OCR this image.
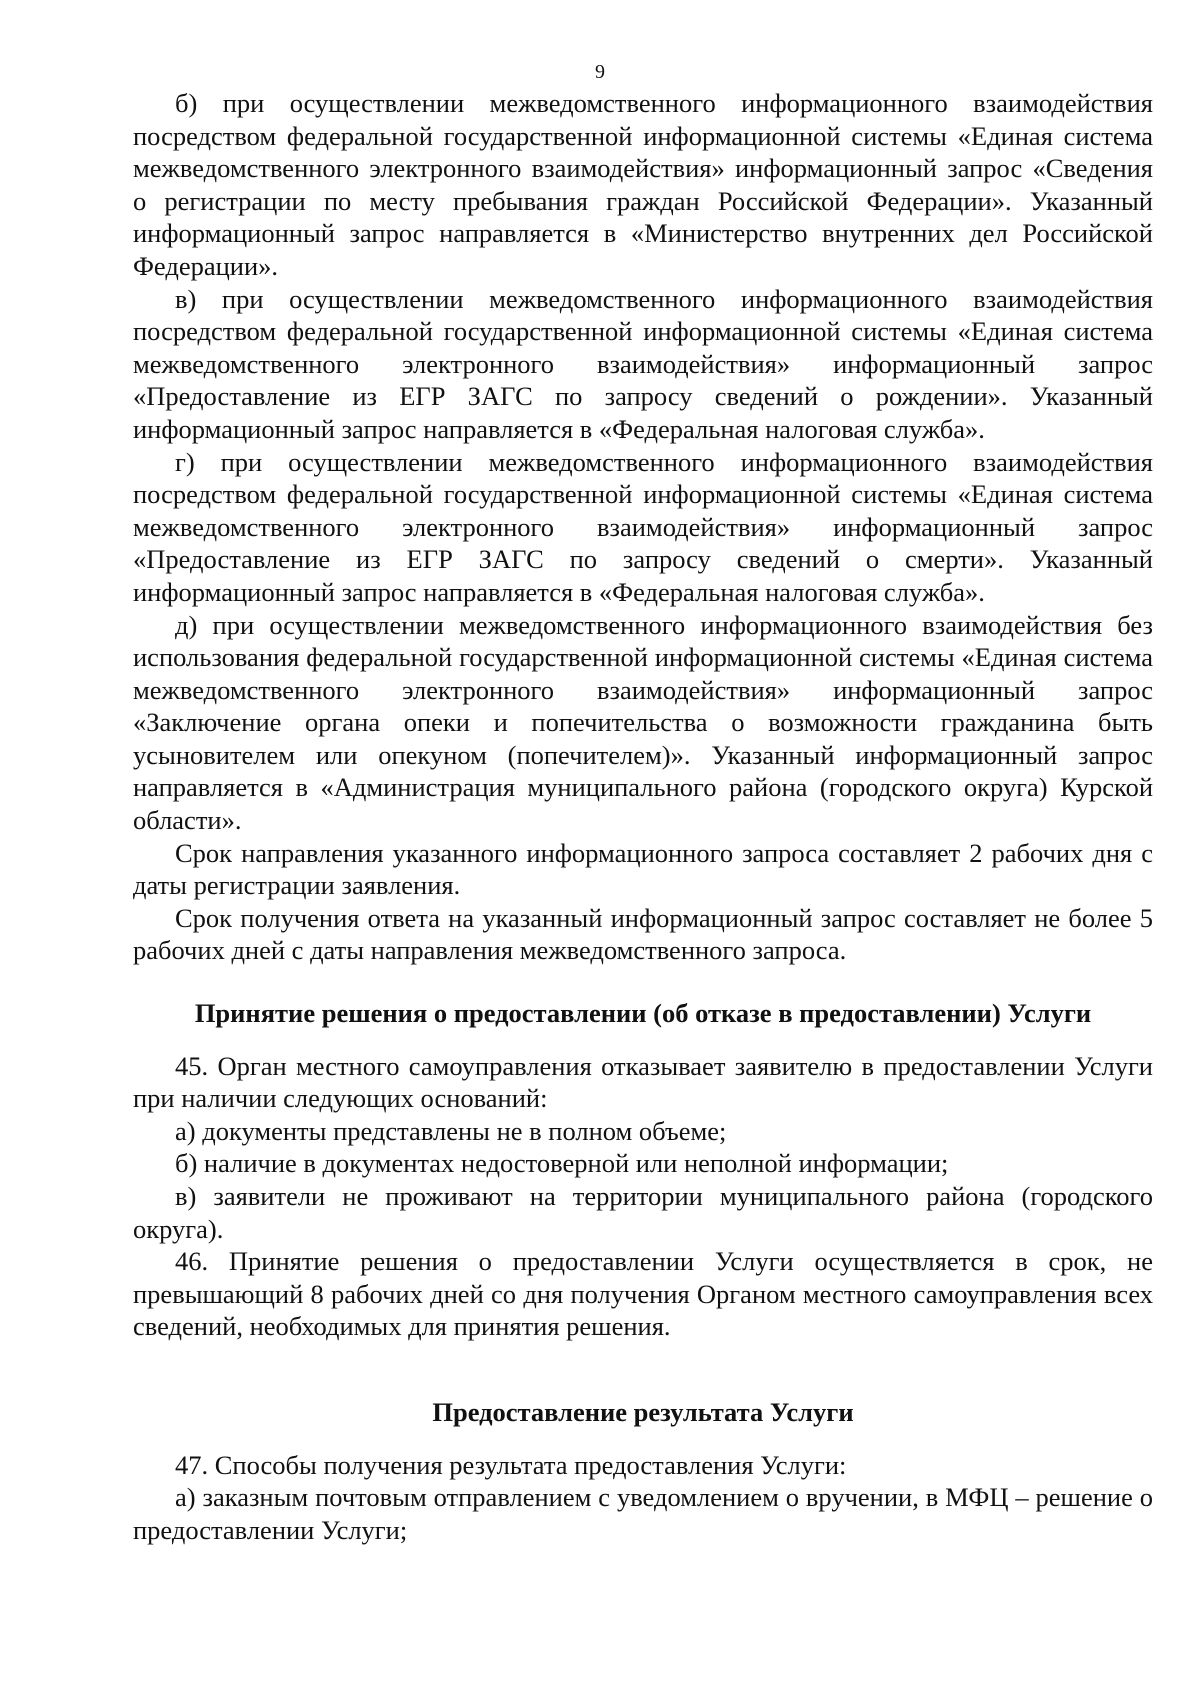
9

б) при осуществлении межведомственного информационного взаимодействия посредством федеральной государственной информационной системы «Единая система межведомственного электронного взаимодействия» информационный запрос «Сведения о регистрации по месту пребывания граждан Российской Федерации». Указанный информационный запрос направляется в «Министерство внутренних дел Российской Федерации».

в) при осуществлении межведомственного информационного взаимодействия посредством федеральной государственной информационной системы «Единая система межведомственного электронного взаимодействия» информационный запрос «Предоставление из ЕГР ЗАГС по запросу сведений о рождении». Указанный информационный запрос направляется в «Федеральная налоговая служба».

г) при осуществлении межведомственного информационного взаимодействия посредством федеральной государственной информационной системы «Единая система межведомственного электронного взаимодействия» информационный запрос «Предоставление из ЕГР ЗАГС по запросу сведений о смерти». Указанный информационный запрос направляется в «Федеральная налоговая служба».

д) при осуществлении межведомственного информационного взаимодействия без использования федеральной государственной информационной системы «Единая система межведомственного электронного взаимодействия» информационный запрос «Заключение органа опеки и попечительства о возможности гражданина быть усыновителем или опекуном (попечителем)». Указанный информационный запрос направляется в «Администрация муниципального района (городского округа) Курской области».

Срок направления указанного информационного запроса составляет 2 рабочих дня с даты регистрации заявления.

Срок получения ответа на указанный информационный запрос составляет не более 5 рабочих дней с даты направления межведомственного запроса.

Принятие решения о предоставлении (об отказе в предоставлении) Услуги

45. Орган местного самоуправления отказывает заявителю в предоставлении Услуги при наличии следующих оснований:

а) документы представлены не в полном объеме;

б) наличие в документах недостоверной или неполной информации;

в) заявители не проживают на территории муниципального района (городского округа).

46. Принятие решения о предоставлении Услуги осуществляется в срок, не превышающий 8 рабочих дней со дня получения Органом местного самоуправления всех сведений, необходимых для принятия решения.

Предоставление результата Услуги

47. Способы получения результата предоставления Услуги:

а) заказным почтовым отправлением с уведомлением о вручении, в МФЦ – решение о предоставлении Услуги;
